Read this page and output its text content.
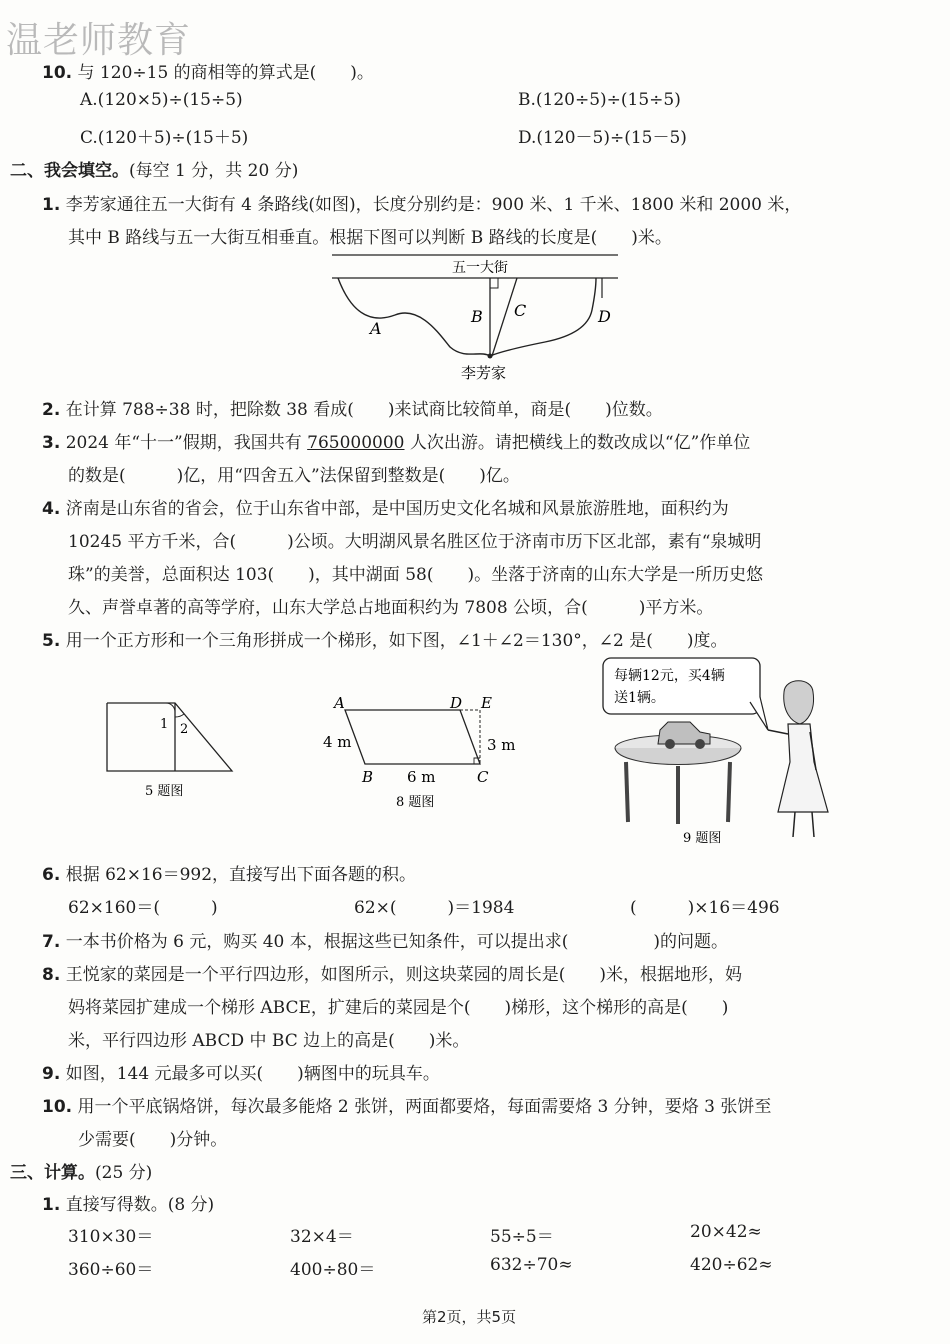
温老师教育
10. 与 120÷15 的商相等的算式是(　　)。
A.(120×5)÷(15÷5)	B.(120÷5)÷(15÷5)
C.(120＋5)÷(15＋5)	D.(120－5)÷(15－5)
二、我会填空。(每空 1 分，共 20 分)
1. 李芳家通往五一大街有 4 条路线(如图)，长度分别约是：900 米、1 千米、1800 米和 2000 米，
其中 B 路线与五一大街互相垂直。根据下图可以判断 B 路线的长度是(　　)米。
五一大街
A
B C	D
李芳家
2. 在计算 788÷38 时，把除数 38 看成(　　)来试商比较简单，商是(　　)位数。
3. 2024 年“十一”假期，我国共有 765000000 人次出游。请把横线上的数改成以“亿”作单位
的数是(　　　)亿，用“四舍五入”法保留到整数是(　　)亿。
4. 济南是山东省的省会，位于山东省中部，是中国历史文化名城和风景旅游胜地，面积约为
10245 平方千米，合(　　　)公顷。大明湖风景名胜区位于济南市历下区北部，素有“泉城明
珠”的美誉，总面积达 103(　　)，其中湖面 58(　　)。坐落于济南的山东大学是一所历史悠
久、声誉卓著的高等学府，山东大学总占地面积约为 7808 公顷，合(　　　)平方米。
5. 用一个正方形和一个三角形拼成一个梯形，如下图，∠1＋∠2＝130°，∠2 是(　　)度。
1 2
5 题图
A	D E
B	C
4 m	3 m
6 m
8 题图
每辆12元，买4辆
送1辆。
9 题图
6. 根据 62×16＝992，直接写出下面各题的积。
62×160＝(　　　)	62×(　　　)＝1984	(　　　)×16＝496
7. 一本书价格为 6 元，购买 40 本，根据这些已知条件，可以提出求(　　　　　)的问题。
8. 王悦家的菜园是一个平行四边形，如图所示，则这块菜园的周长是(　　)米，根据地形，妈
妈将菜园扩建成一个梯形 ABCE，扩建后的菜园是个(　　)梯形，这个梯形的高是(　　)
米，平行四边形 ABCD 中 BC 边上的高是(　　)米。
9. 如图，144 元最多可以买(　　)辆图中的玩具车。
10. 用一个平底锅烙饼，每次最多能烙 2 张饼，两面都要烙，每面需要烙 3 分钟，要烙 3 张饼至
少需要(　　)分钟。
三、计算。(25 分)
1. 直接写得数。(8 分)
310×30＝	32×4＝	55÷5＝	20×42≈
360÷60＝	400÷80＝	632÷70≈	420÷62≈
第2页，共5页
